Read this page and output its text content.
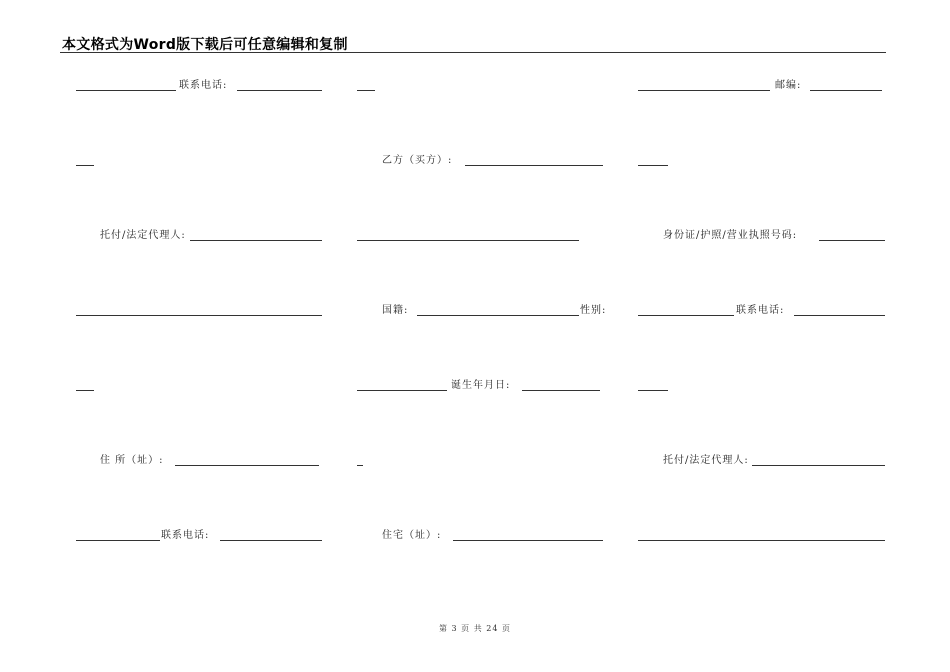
本文格式为Word版下载后可任意编辑和复制
联系电话:	邮编:
乙方（买方）:
托付/法定代理人:	身份证/护照/营业执照号码:
国籍:	性别:	联系电话:
诞生年月日:
住 所（址）:	托付/法定代理人:
联系电话:	住宅（址）:
第 3 页 共 24 页
